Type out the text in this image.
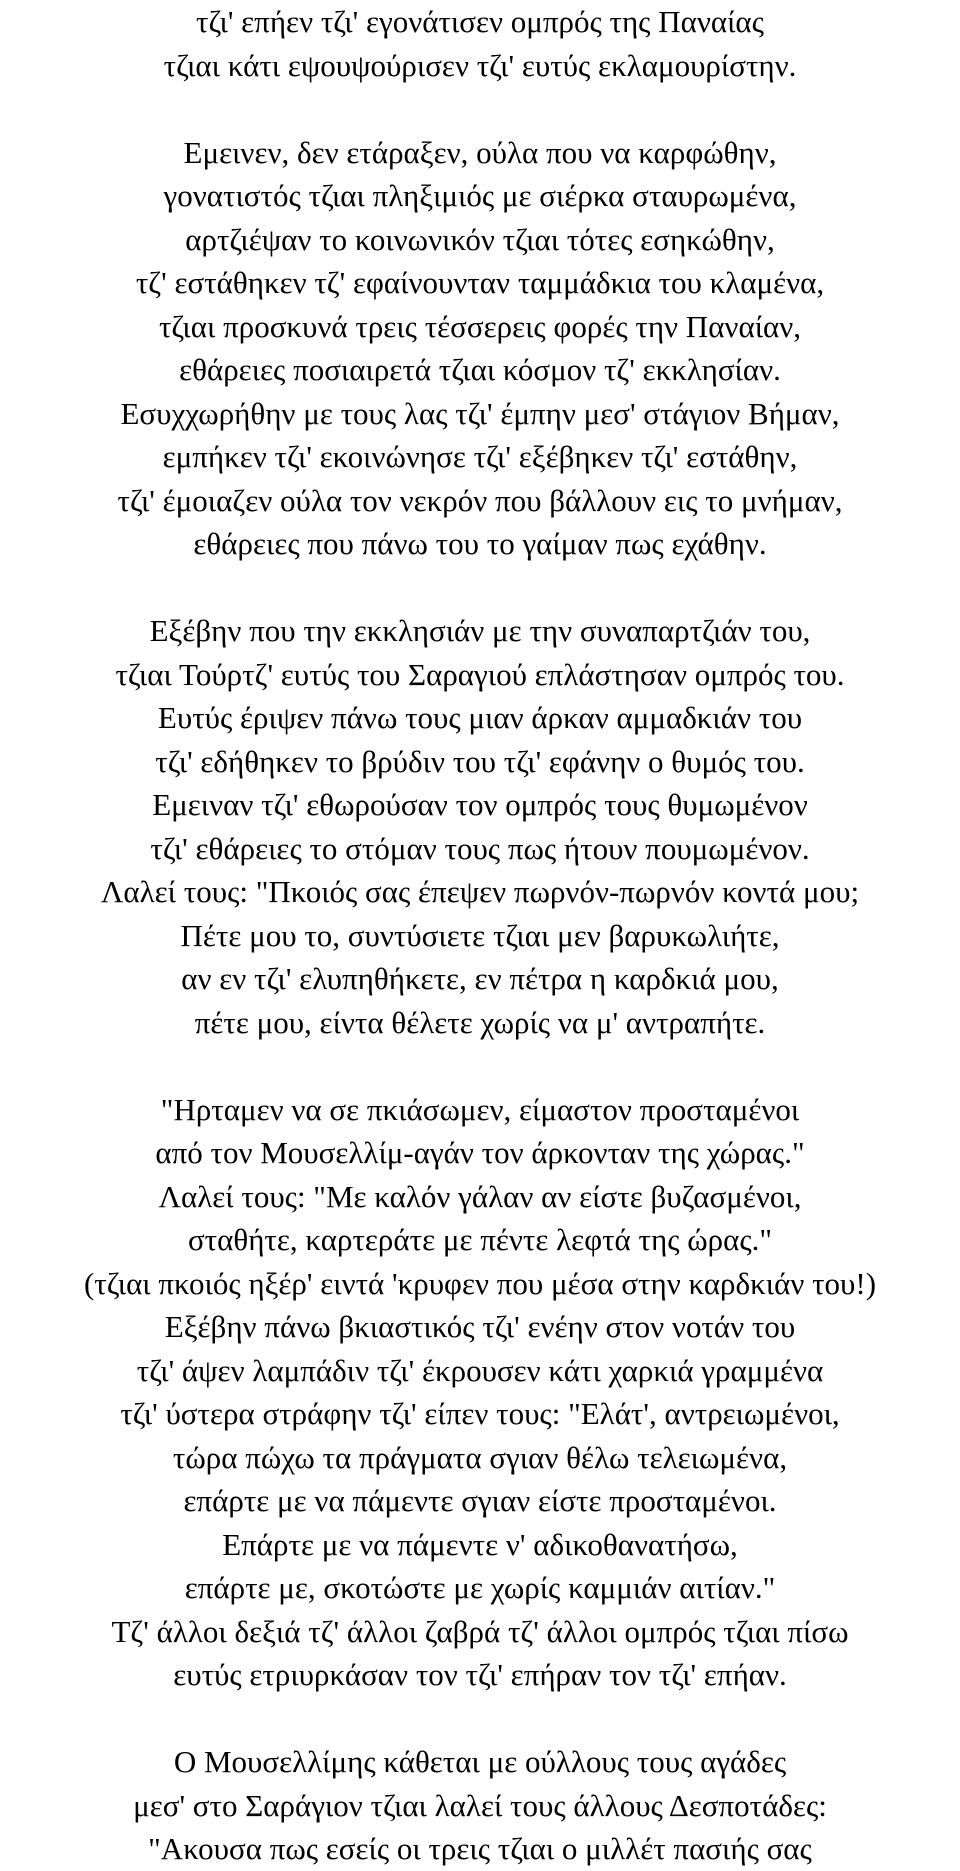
τζι' επήεν τζι' εγονάτισεν ομπρός της Παναίας
τζιαι κάτι εψουψούρισεν τζι' ευτύς εκλαμουρίστην.
Εμεινεν, δεν ετάραξεν, ούλα που να καρφώθην,
γονατιστός τζιαι πληξιμιός με σιέρκα σταυρωμένα,
αρτζιέψαν το κοινωνικόν τζιαι τότες εσηκώθην,
τζ' εστάθηκεν τζ' εφαίνουνταν ταμμάδκια του κλαμένα,
τζιαι προσκυνά τρεις τέσσερεις φορές την Παναίαν,
εθάρειες ποσιαιρετά τζιαι κόσμον τζ' εκκλησίαν.
Εσυχχωρήθην με τους λας τζι' έμπην μεσ' στάγιον Βήμαν,
εμπήκεν τζι' εκοινώνησε τζι' εξέβηκεν τζι' εστάθην,
τζι' έμοιαζεν ούλα τον νεκρόν που βάλλουν εις το μνήμαν,
εθάρειες που πάνω του το γαίμαν πως εχάθην.
Εξέβην που την εκκλησιάν με την συναπαρτζιάν του,
τζιαι Τούρτζ' ευτύς του Σαραγιού επλάστησαν ομπρός του.
Ευτύς έριψεν πάνω τους μιαν άρκαν αμμαδκιάν του
τζι' εδήθηκεν το βρύδιν του τζι' εφάνην ο θυμός του.
Εμειναν τζι' εθωρούσαν τον ομπρός τους θυμωμένον
τζι' εθάρειες το στόμαν τους πως ήτουν πουμωμένον.
Λαλεί τους: "Πκοιός σας έπεψεν πωρνόν-πωρνόν κοντά μου;
Πέτε μου το, συντύσιετε τζιαι μεν βαρυκωλιήτε,
αν εν τζι' ελυπηθήκετε, εν πέτρα η καρδκιά μου,
πέτε μου, είντα θέλετε χωρίς να μ' αντραπήτε.
"Ηρταμεν να σε πκιάσωμεν, είμαστον προσταμένοι
από τον Μουσελλίμ-αγάν τον άρκονταν της χώρας."
Λαλεί τους: "Με καλόν γάλαν αν είστε βυζασμένοι,
σταθήτε, καρτεράτε με πέντε λεφτά της ώρας."
(τζιαι πκοιός ηξέρ' ειντά 'κρυφεν που μέσα στην καρδκιάν του!)
Εξέβην πάνω βκιαστικός τζι' ενέην στον νοτάν του
τζι' άψεν λαμπάδιν τζι' έκρουσεν κάτι χαρκιά γραμμένα
τζι' ύστερα στράφην τζι' είπεν τους: "Ελάτ', αντρειωμένοι,
τώρα πώχω τα πράγματα σγιαν θέλω τελειωμένα,
επάρτε με να πάμεντε σγιαν είστε προσταμένοι.
Επάρτε με να πάμεντε ν' αδικοθανατήσω,
επάρτε με, σκοτώστε με χωρίς καμμιάν αιτίαν."
Τζ' άλλοι δεξιά τζ' άλλοι ζαβρά τζ' άλλοι ομπρός τζιαι πίσω
ευτύς ετριυρκάσαν τον τζι' επήραν τον τζι' επήαν.
Ο Μουσελλίμης κάθεται με ούλλους τους αγάδες
μεσ' στο Σαράγιον τζιαι λαλεί τους άλλους Δεσποτάδες:
"Ακουσα πως εσείς οι τρεις τζιαι ο μιλλέτ πασιής σας
